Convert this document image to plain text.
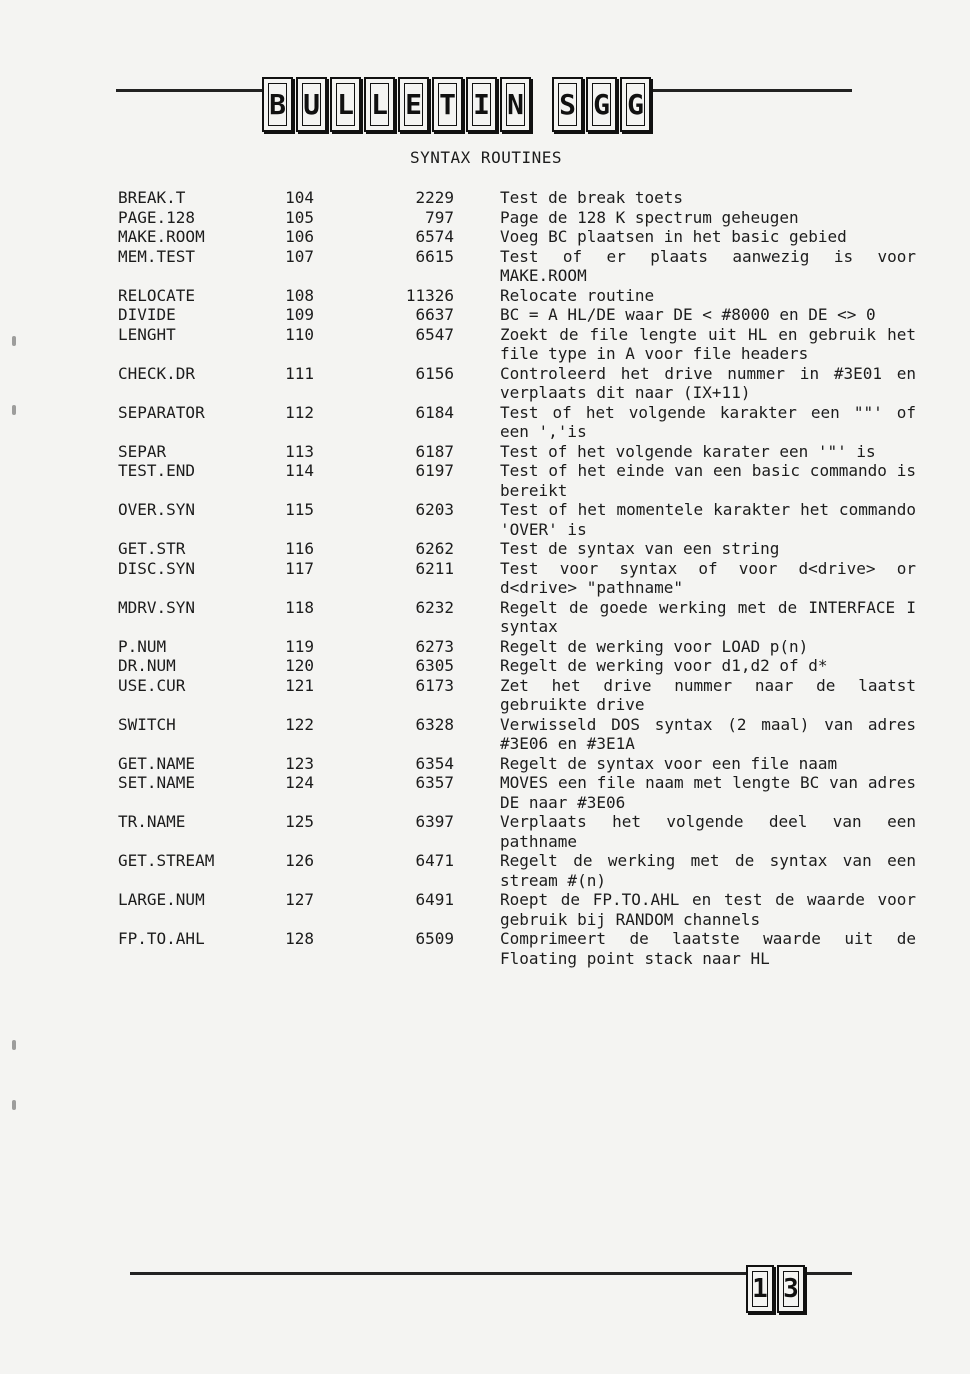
B U L L E T I N S G G
SYNTAX ROUTINES
BREAK.T	104	2229	Test de break toets
PAGE.128	105	797	Page de 128 K spectrum geheugen
MAKE.ROOM	106	6574	Voeg BC plaatsen in het basic gebied
MEM.TEST	107	6615	Test of er plaats aanwezig is voor MAKE.ROOM
RELOCATE	108	11326	Relocate routine
DIVIDE	109	6637	BC = A HL/DE waar DE < #8000 en DE <> 0
LENGHT	110	6547	Zoekt de file lengte uit HL en gebruik het file type in A voor file headers
CHECK.DR	111	6156	Controleerd het drive nummer in #3E01 en verplaats dit naar (IX+11)
SEPARATOR	112	6184	Test of het volgende karakter een ""' of een ','is
SEPAR	113	6187	Test of het volgende karater een '"' is
TEST.END	114	6197	Test of het einde van een basic commando is bereikt
OVER.SYN	115	6203	Test of het momentele karakter het commando 'OVER' is
GET.STR	116	6262	Test de syntax van een string
DISC.SYN	117	6211	Test voor syntax of voor d<drive> or d<drive> "pathname"
MDRV.SYN	118	6232	Regelt de goede werking met de INTERFACE I syntax
P.NUM	119	6273	Regelt de werking voor LOAD p(n)
DR.NUM	120	6305	Regelt de werking voor d1,d2 of d*
USE.CUR	121	6173	Zet het drive nummer naar de laatst gebruikte drive
SWITCH	122	6328	Verwisseld DOS syntax (2 maal) van adres #3E06 en #3E1A
GET.NAME	123	6354	Regelt de syntax voor een file naam
SET.NAME	124	6357	MOVES een file naam met lengte BC van adres DE naar #3E06
TR.NAME	125	6397	Verplaats het volgende deel van een pathname
GET.STREAM	126	6471	Regelt de werking met de syntax van een stream #(n)
LARGE.NUM	127	6491	Roept de FP.TO.AHL en test de waarde voor gebruik bij RANDOM channels
FP.TO.AHL	128	6509	Comprimeert de laatste waarde uit de Floating point stack naar HL
1 3
